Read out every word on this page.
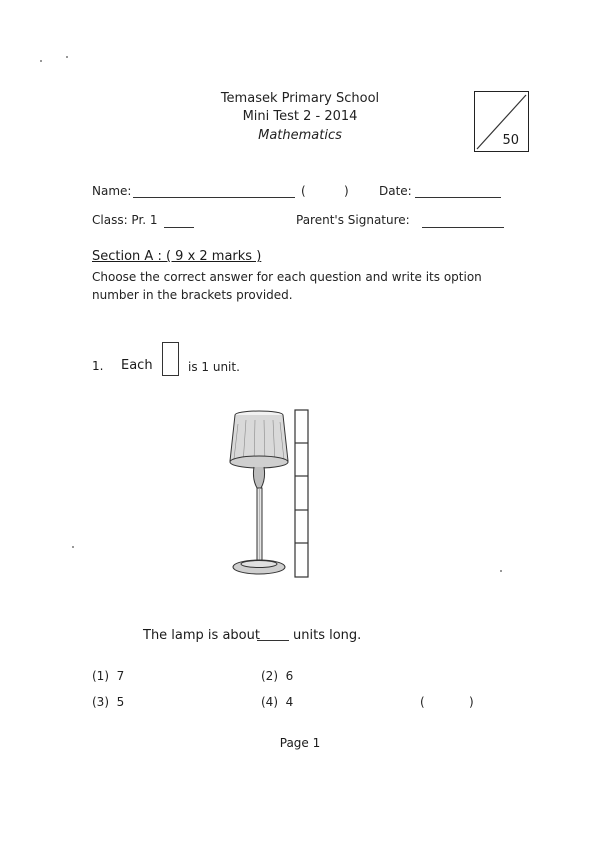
Temasek Primary School
Mini Test 2 - 2014
Mathematics	50
Name:	(	)	Date:
Class: Pr. 1	Parent's Signature:
Section A : ( 9 x 2 marks )
Choose the correct answer for each question and write its option number in the brackets provided.
1. Each	is 1 unit.
The lamp is about	units long.
(1) 7	(2) 6
(3) 5	(4) 4	(	)
Page 1
